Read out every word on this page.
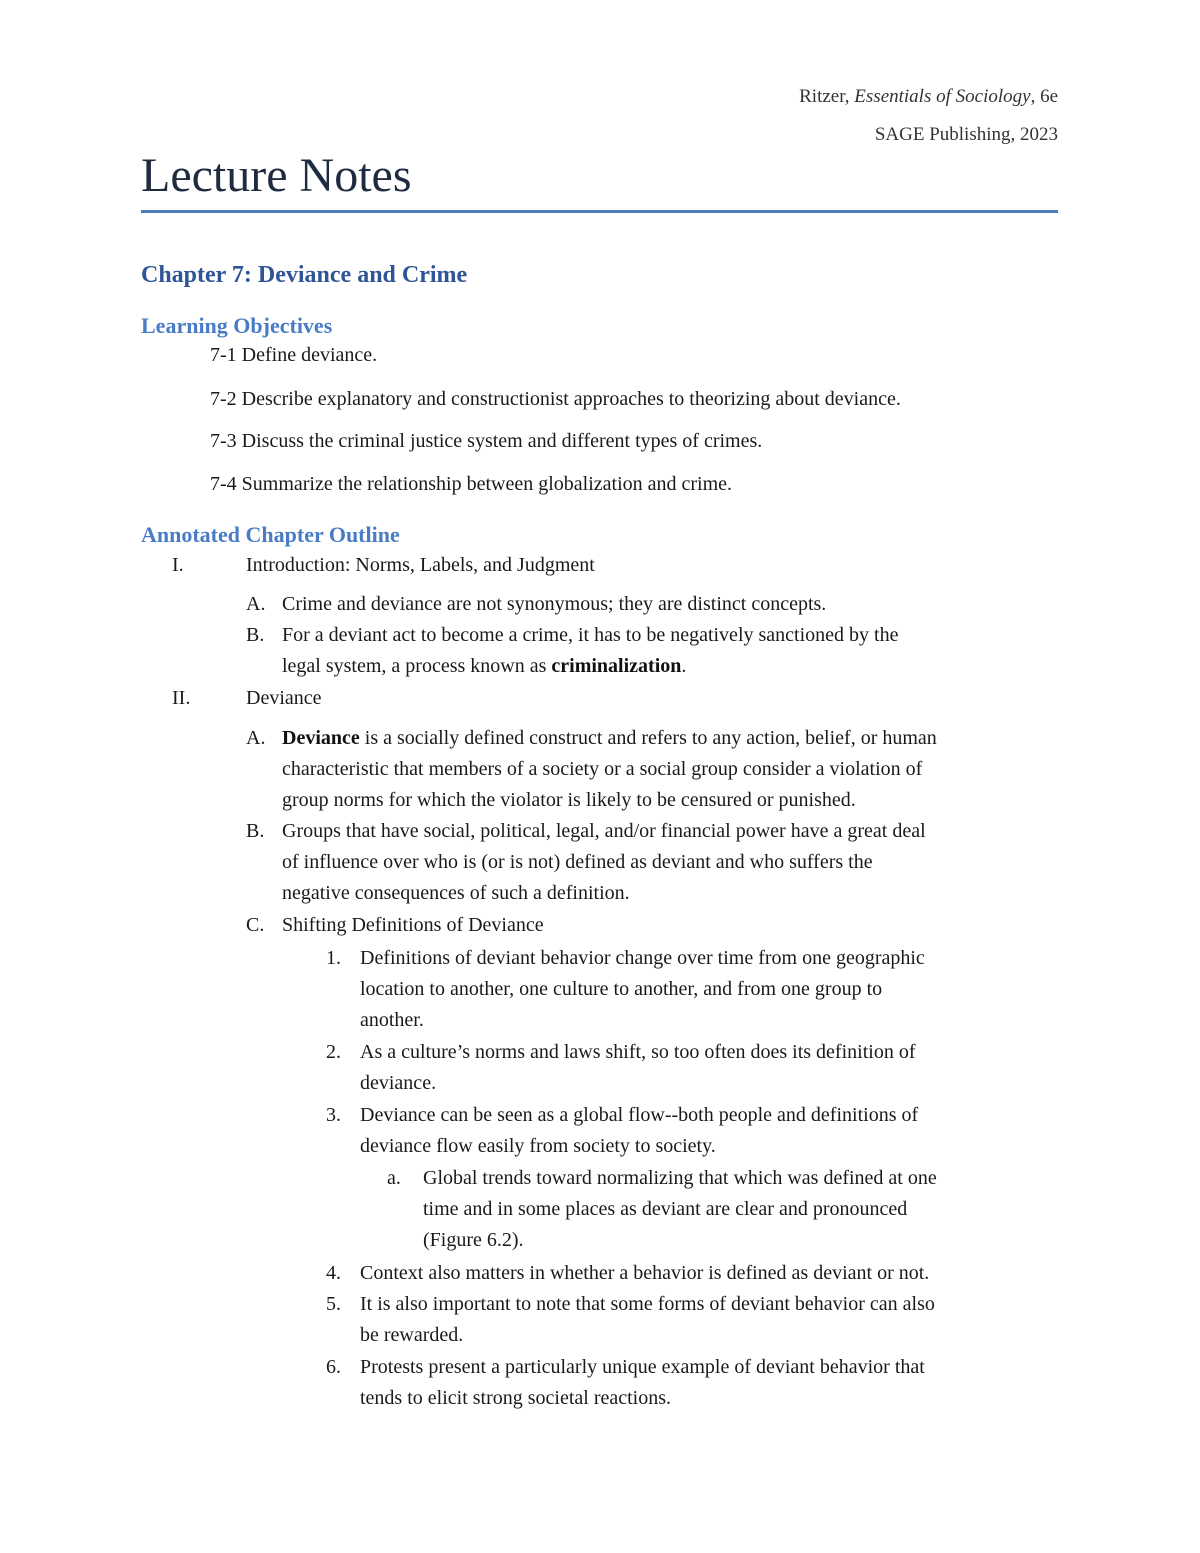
Ritzer, Essentials of Sociology, 6e
SAGE Publishing, 2023
Lecture Notes
Chapter 7: Deviance and Crime
Learning Objectives
7-1 Define deviance.
7-2 Describe explanatory and constructionist approaches to theorizing about deviance.
7-3 Discuss the criminal justice system and different types of crimes.
7-4 Summarize the relationship between globalization and crime.
Annotated Chapter Outline
I.	Introduction: Norms, Labels, and Judgment
A. Crime and deviance are not synonymous; they are distinct concepts.
B. For a deviant act to become a crime, it has to be negatively sanctioned by the
legal system, a process known as criminalization.
II.	Deviance
A. Deviance is a socially defined construct and refers to any action, belief, or human
characteristic that members of a society or a social group consider a violation of
group norms for which the violator is likely to be censured or punished.
B. Groups that have social, political, legal, and/or financial power have a great deal
of influence over who is (or is not) defined as deviant and who suffers the
negative consequences of such a definition.
C. Shifting Definitions of Deviance
1. Definitions of deviant behavior change over time from one geographic
location to another, one culture to another, and from one group to
another.
2. As a culture’s norms and laws shift, so too often does its definition of
deviance.
3. Deviance can be seen as a global flow--both people and definitions of
deviance flow easily from society to society.
a. Global trends toward normalizing that which was defined at one
time and in some places as deviant are clear and pronounced
(Figure 6.2).
4. Context also matters in whether a behavior is defined as deviant or not.
5. It is also important to note that some forms of deviant behavior can also
be rewarded.
6. Protests present a particularly unique example of deviant behavior that
tends to elicit strong societal reactions.
